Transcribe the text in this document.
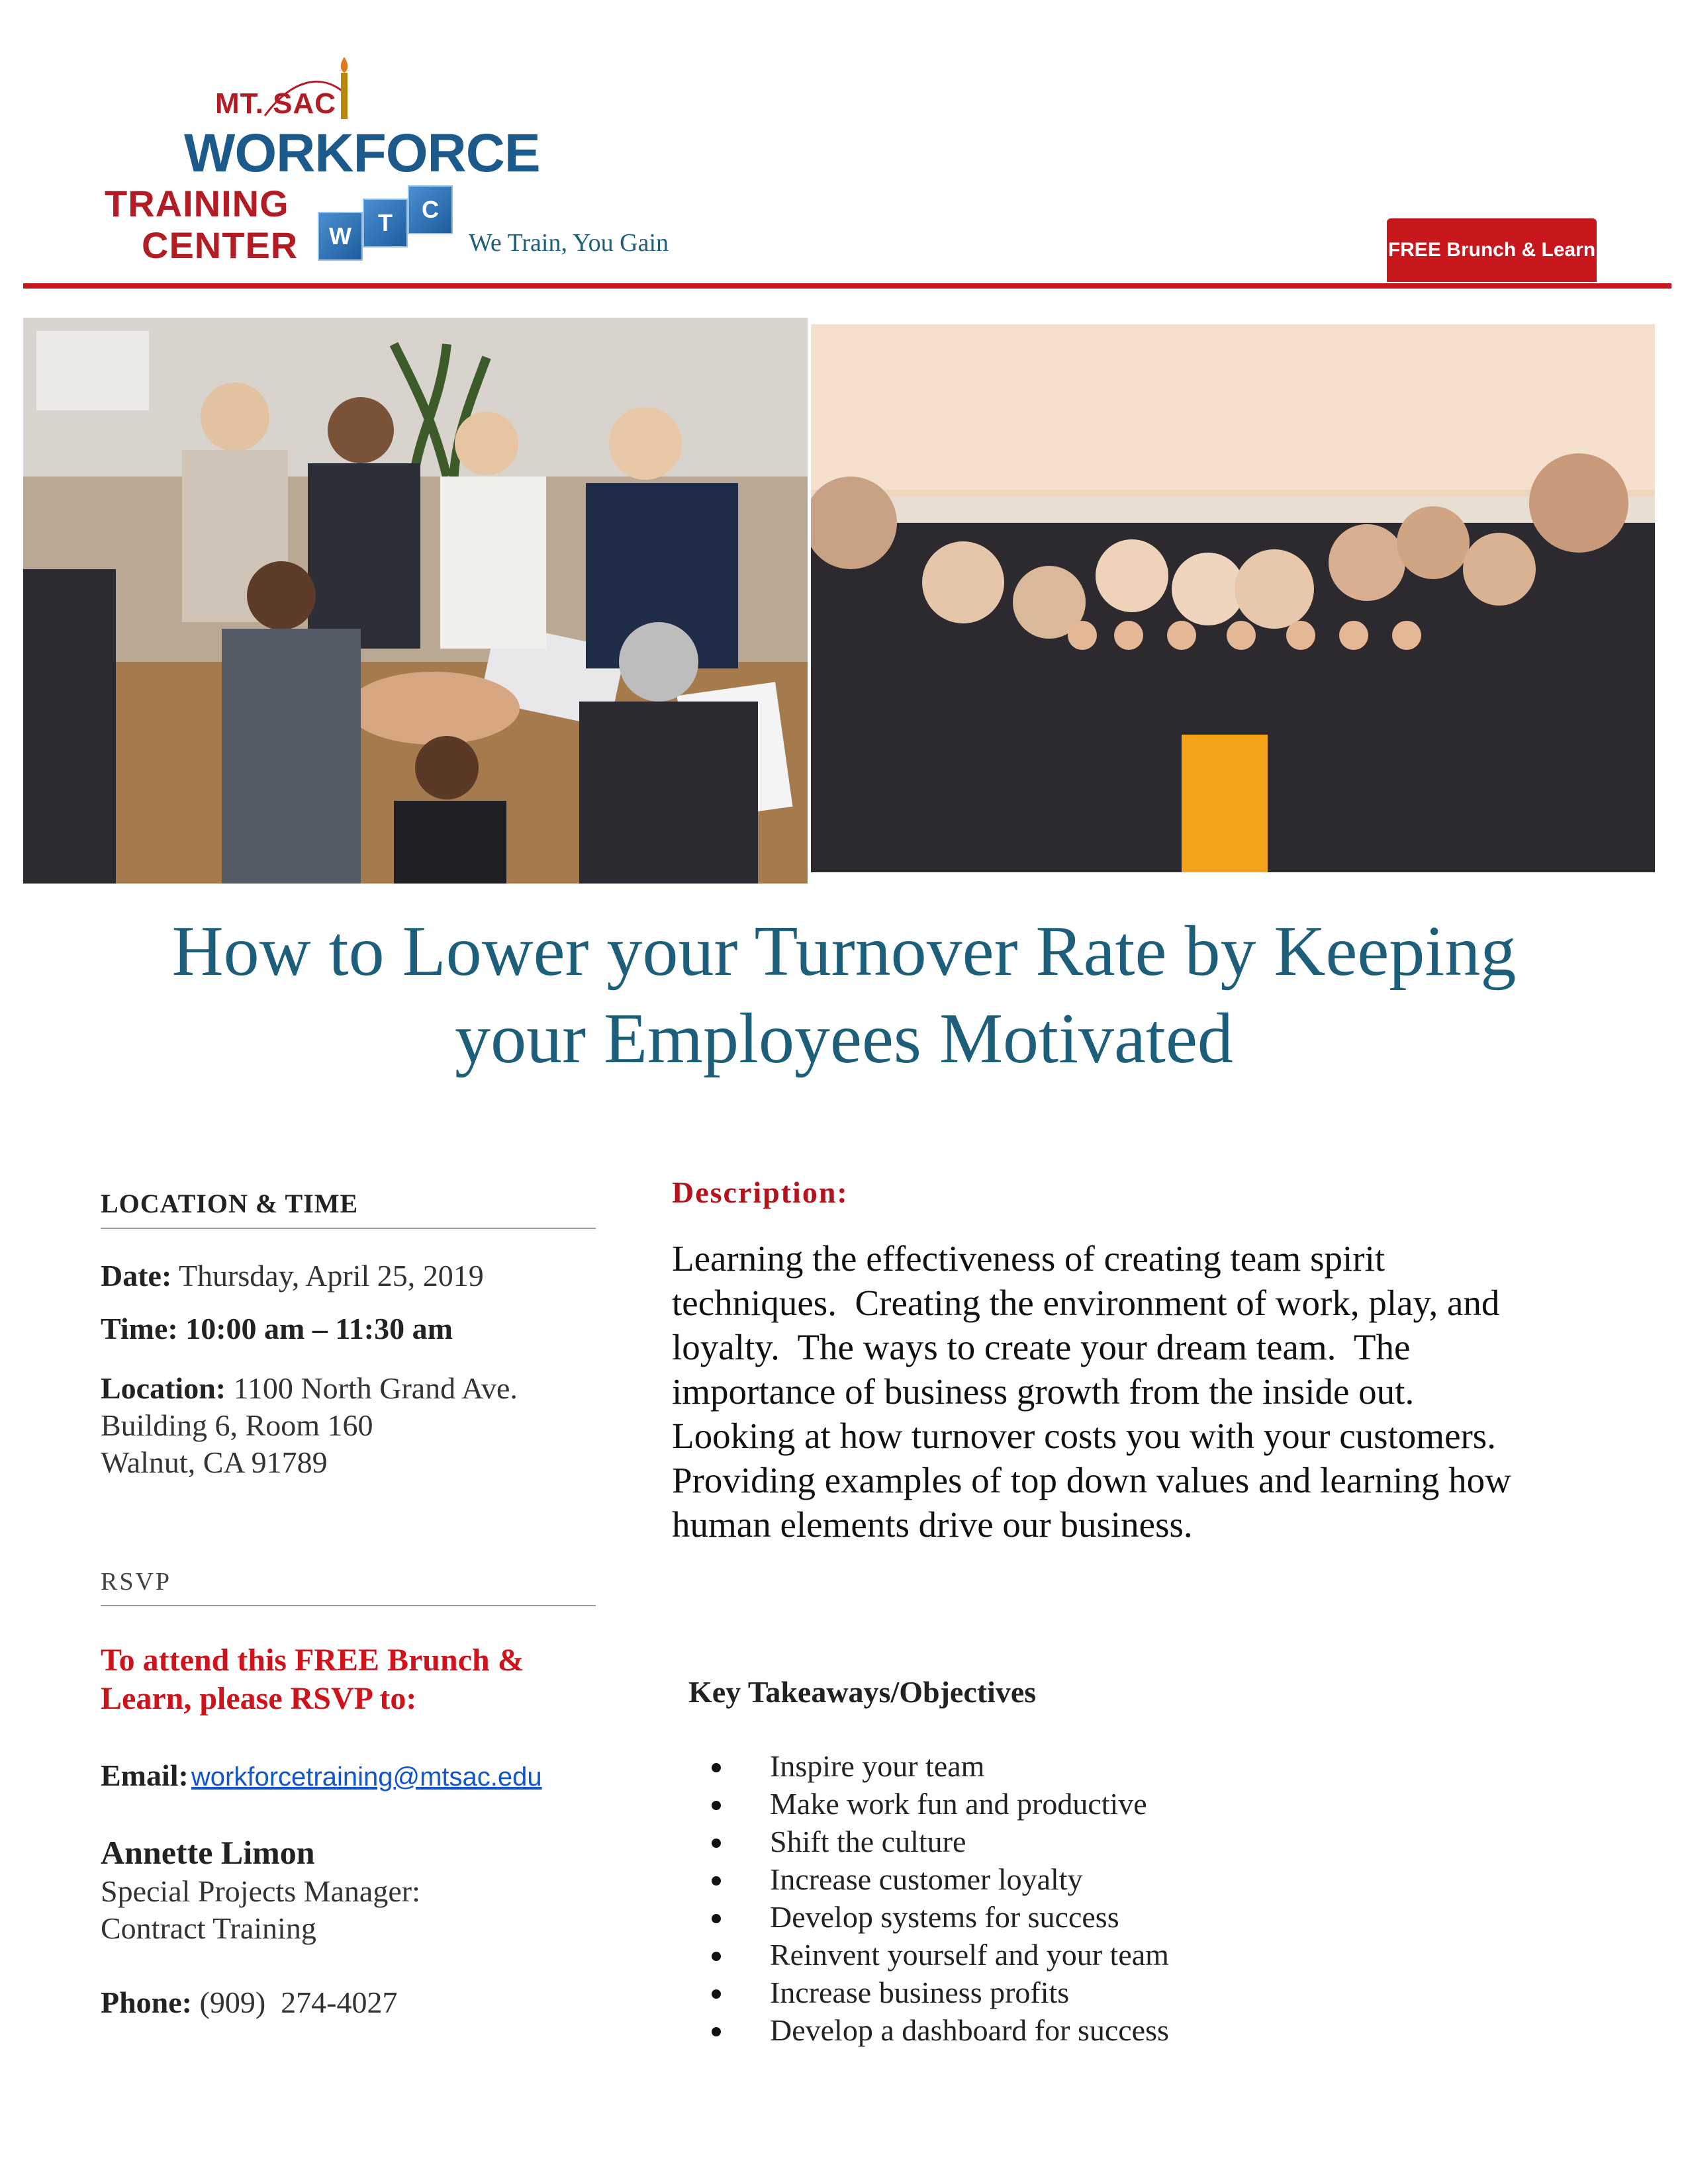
MT. SAC
WORKFORCE
TRAINING
CENTER	W	T	C
We Train, You Gain	FREE Brunch & Learn
How to Lower your Turnover Rate by Keeping
your Employees Motivated
LOCATION & TIME
Date: Thursday, April 25, 2019
Time: 10:00 am – 11:30 am
Location: 1100 North Grand Ave.
Building 6, Room 160
Walnut, CA 91789
RSVP
To attend this FREE Brunch &
Learn, please RSVP to:
Email: workforcetraining@mtsac.edu
Annette Limon
Special Projects Manager:
Contract Training
Phone: (909)  274-4027
Description:
Learning the effectiveness of creating team spirit
techniques.  Creating the environment of work, play, and
loyalty.  The ways to create your dream team.  The
importance of business growth from the inside out.
Looking at how turnover costs you with your customers.
Providing examples of top down values and learning how
human elements drive our business.
Key Takeaways/Objectives
Inspire your team
Make work fun and productive
Shift the culture
Increase customer loyalty
Develop systems for success
Reinvent yourself and your team
Increase business profits
Develop a dashboard for success
